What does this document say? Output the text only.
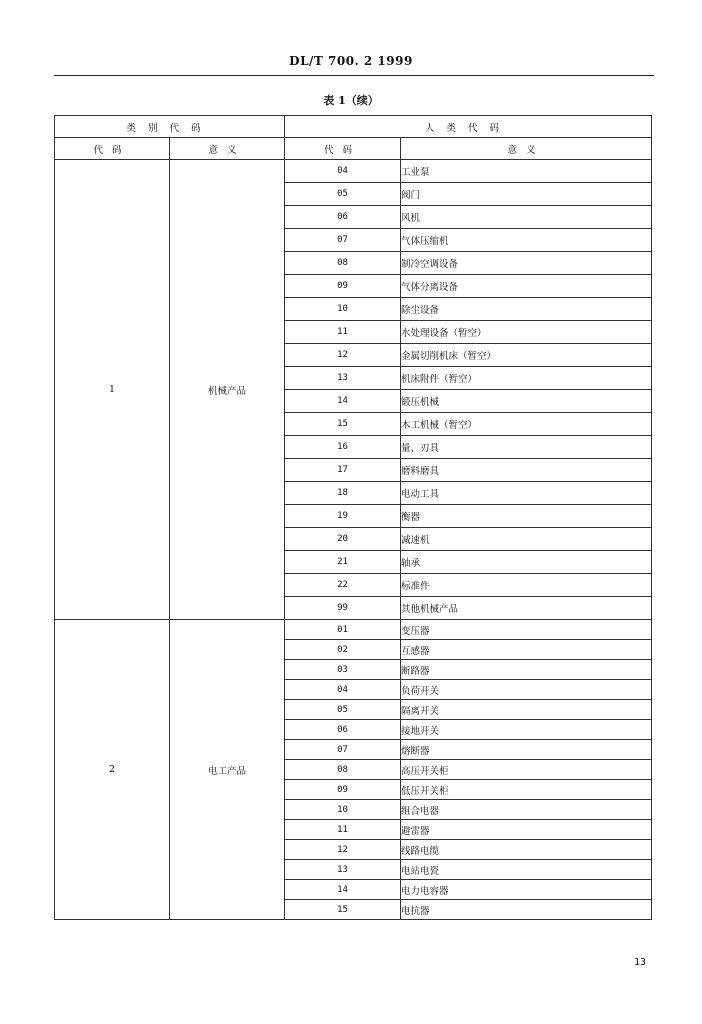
DL/T 700. 2 1999
表 1（续）
类别代码		人类代码	
代码	意义	代码	意义
1	机械产品	04	工业泵
		05	阀门
		06	风机
		07	气体压缩机
		08	制冷空调设备
		09	气体分离设备
		10	除尘设备
		11	水处理设备（暂空）
		12	金属切削机床（暂空）
		13	机床附件（暂空）
		14	锻压机械
		15	木工机械（暂空）
		16	量、刃具
		17	磨料磨具
		18	电动工具
		19	衡器
		20	减速机
		21	轴承
		22	标准件
		99	其他机械产品
2	电工产品	01	变压器
		02	互感器
		03	断路器
		04	负荷开关
		05	隔离开关
		06	接地开关
		07	熔断器
		08	高压开关柜
		09	低压开关柜
		10	组合电器
		11	避雷器
		12	线路电缆
		13	电站电瓷
		14	电力电容器
		15	电抗器
13
